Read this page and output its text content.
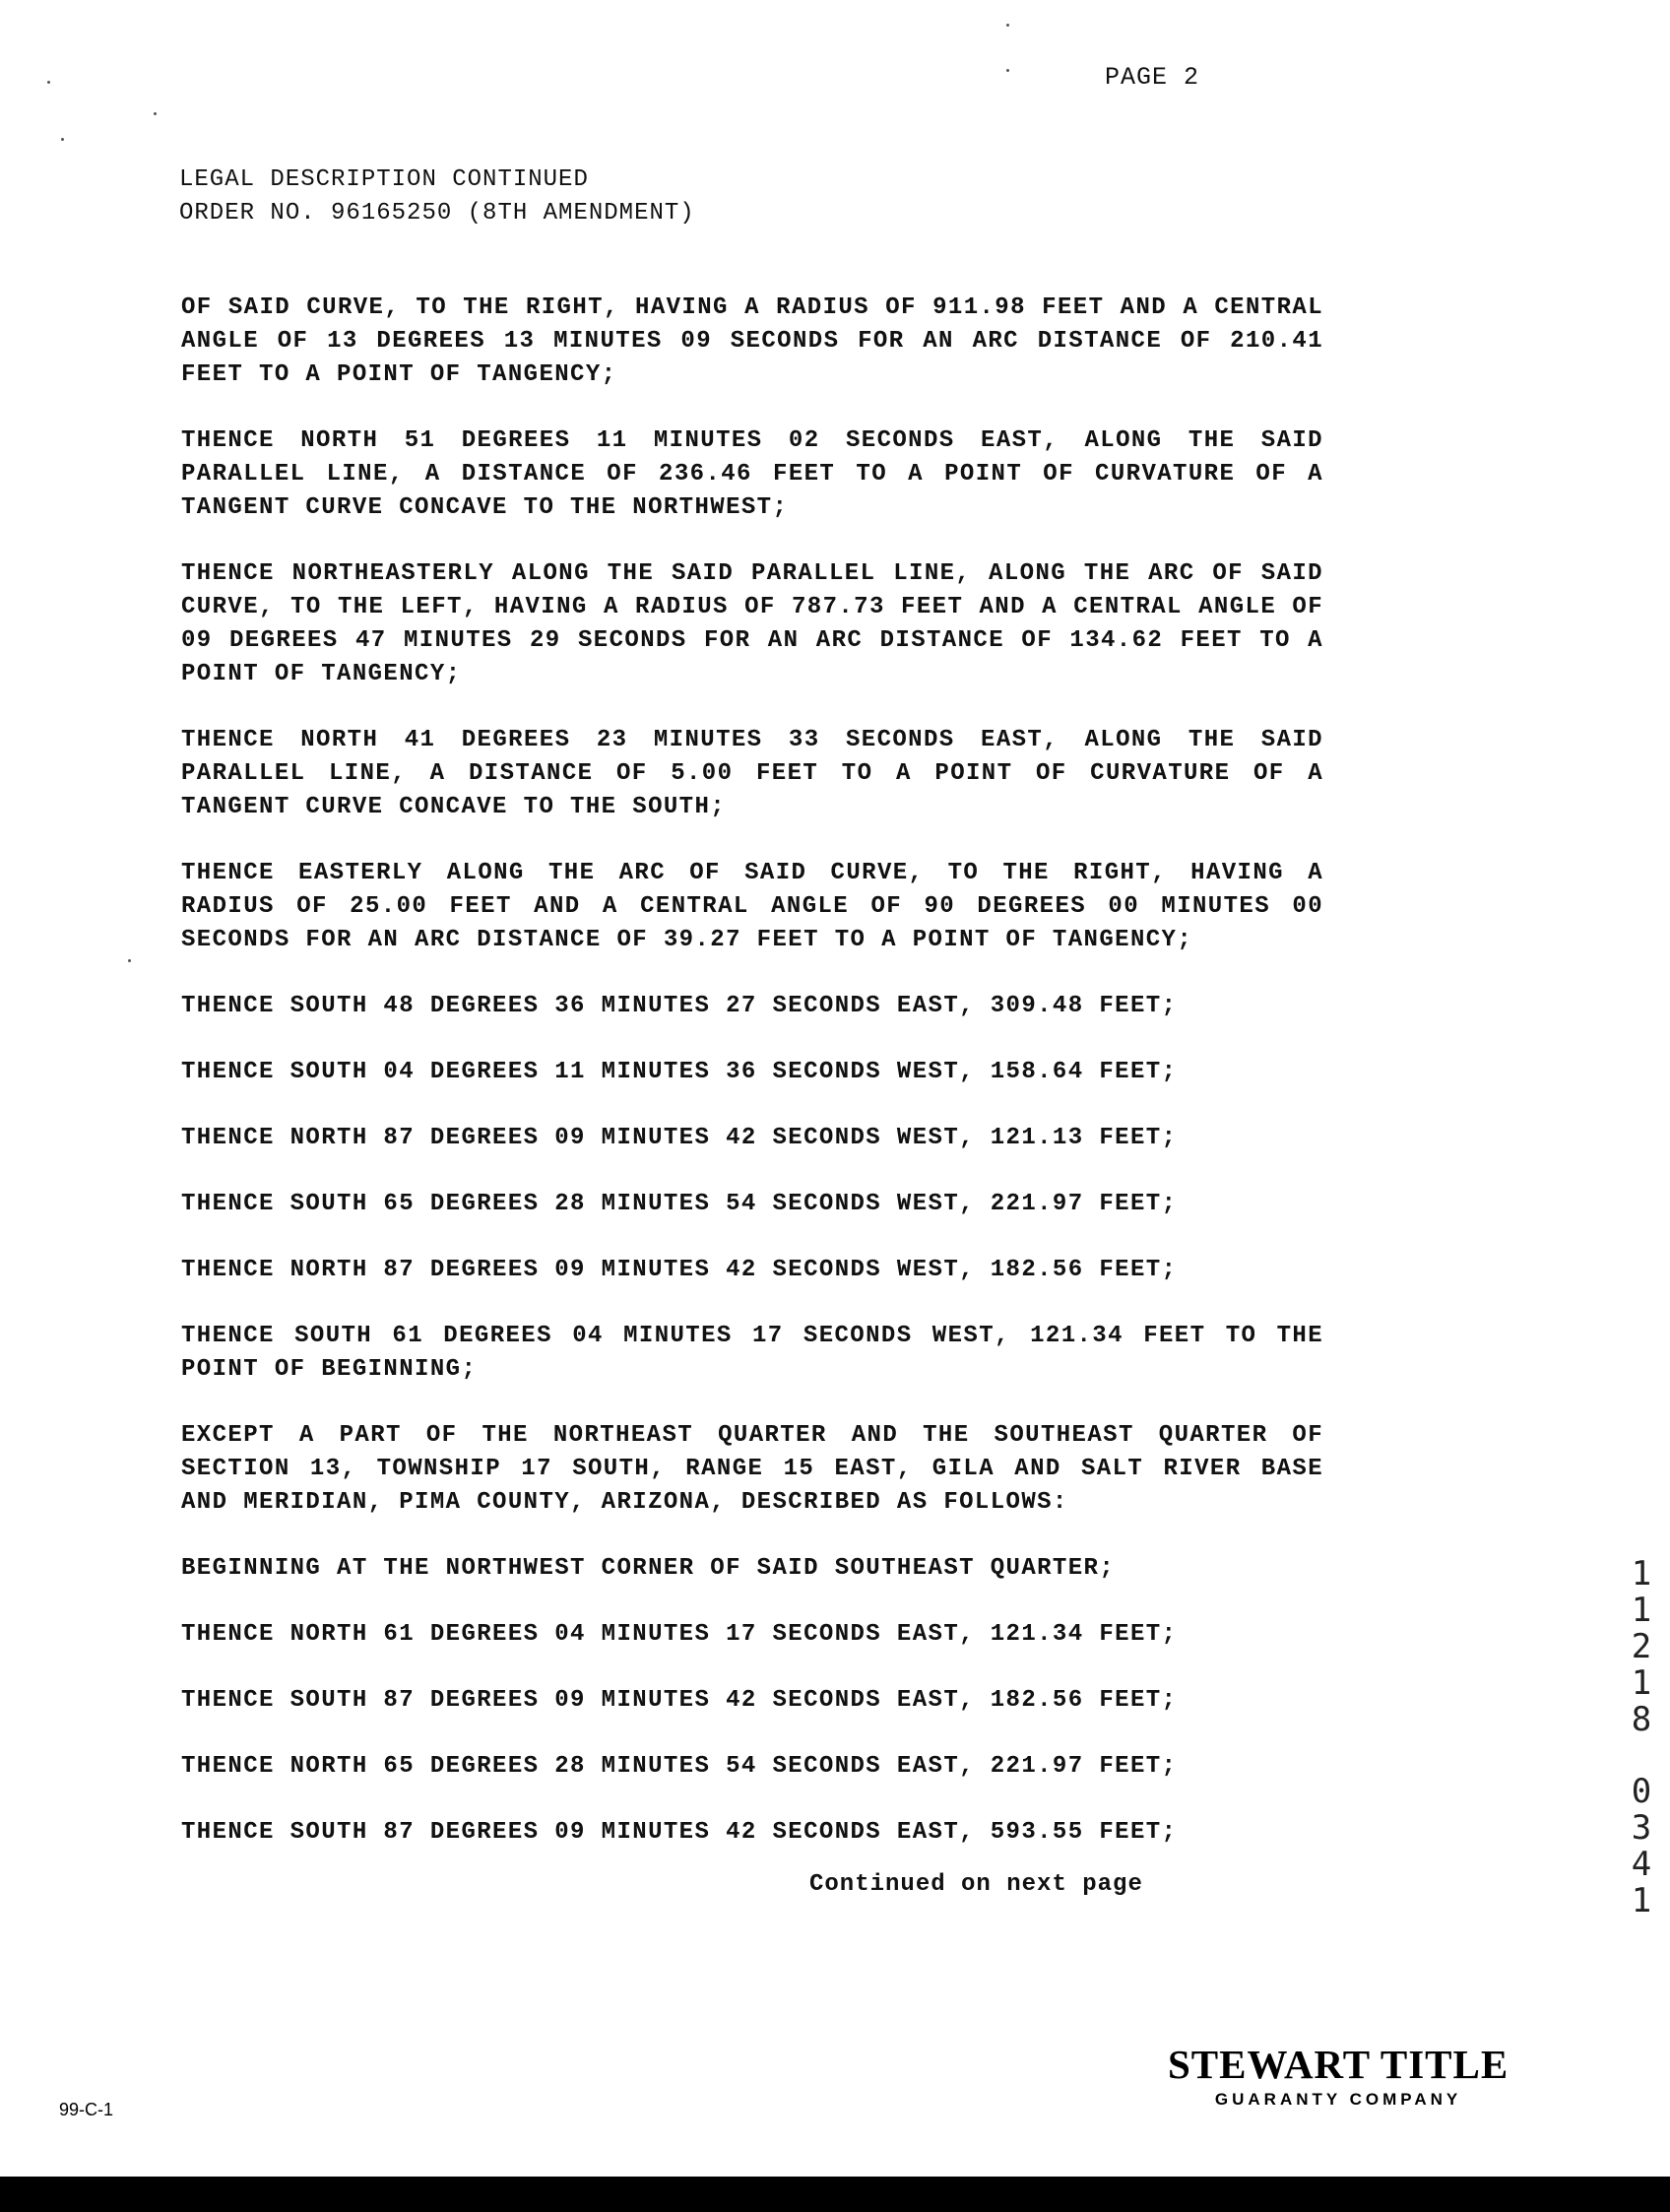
PAGE 2
LEGAL DESCRIPTION CONTINUED
ORDER NO. 96165250 (8TH AMENDMENT)

OF SAID CURVE, TO THE RIGHT, HAVING A RADIUS OF 911.98 FEET AND A CENTRAL ANGLE OF 13 DEGREES 13 MINUTES 09 SECONDS FOR AN ARC DISTANCE OF 210.41 FEET TO A POINT OF TANGENCY;

THENCE NORTH 51 DEGREES 11 MINUTES 02 SECONDS EAST, ALONG THE SAID PARALLEL LINE, A DISTANCE OF 236.46 FEET TO A POINT OF CURVATURE OF A TANGENT CURVE CONCAVE TO THE NORTHWEST;

THENCE NORTHEASTERLY ALONG THE SAID PARALLEL LINE, ALONG THE ARC OF SAID CURVE, TO THE LEFT, HAVING A RADIUS OF 787.73 FEET AND A CENTRAL ANGLE OF 09 DEGREES 47 MINUTES 29 SECONDS FOR AN ARC DISTANCE OF 134.62 FEET TO A POINT OF TANGENCY;

THENCE NORTH 41 DEGREES 23 MINUTES 33 SECONDS EAST, ALONG THE SAID PARALLEL LINE, A DISTANCE OF 5.00 FEET TO A POINT OF CURVATURE OF A TANGENT CURVE CONCAVE TO THE SOUTH;

THENCE EASTERLY ALONG THE ARC OF SAID CURVE, TO THE RIGHT, HAVING A RADIUS OF 25.00 FEET AND A CENTRAL ANGLE OF 90 DEGREES 00 MINUTES 00 SECONDS FOR AN ARC DISTANCE OF 39.27 FEET TO A POINT OF TANGENCY;

THENCE SOUTH 48 DEGREES 36 MINUTES 27 SECONDS EAST, 309.48 FEET;

THENCE SOUTH 04 DEGREES 11 MINUTES 36 SECONDS WEST, 158.64 FEET;

THENCE NORTH 87 DEGREES 09 MINUTES 42 SECONDS WEST, 121.13 FEET;

THENCE SOUTH 65 DEGREES 28 MINUTES 54 SECONDS WEST, 221.97 FEET;

THENCE NORTH 87 DEGREES 09 MINUTES 42 SECONDS WEST, 182.56 FEET;

THENCE SOUTH 61 DEGREES 04 MINUTES 17 SECONDS WEST, 121.34 FEET TO THE POINT OF BEGINNING;

EXCEPT A PART OF THE NORTHEAST QUARTER AND THE SOUTHEAST QUARTER OF SECTION 13, TOWNSHIP 17 SOUTH, RANGE 15 EAST, GILA AND SALT RIVER BASE AND MERIDIAN, PIMA COUNTY, ARIZONA, DESCRIBED AS FOLLOWS:

BEGINNING AT THE NORTHWEST CORNER OF SAID SOUTHEAST QUARTER;

THENCE NORTH 61 DEGREES 04 MINUTES 17 SECONDS EAST, 121.34 FEET;

THENCE SOUTH 87 DEGREES 09 MINUTES 42 SECONDS EAST, 182.56 FEET;

THENCE NORTH 65 DEGREES 28 MINUTES 54 SECONDS EAST, 221.97 FEET;

THENCE SOUTH 87 DEGREES 09 MINUTES 42 SECONDS EAST, 593.55 FEET;

Continued on next page
1
1
2
1
8
0
3
4
1
STEWART TITLE
GUARANTY COMPANY
99-C-1
